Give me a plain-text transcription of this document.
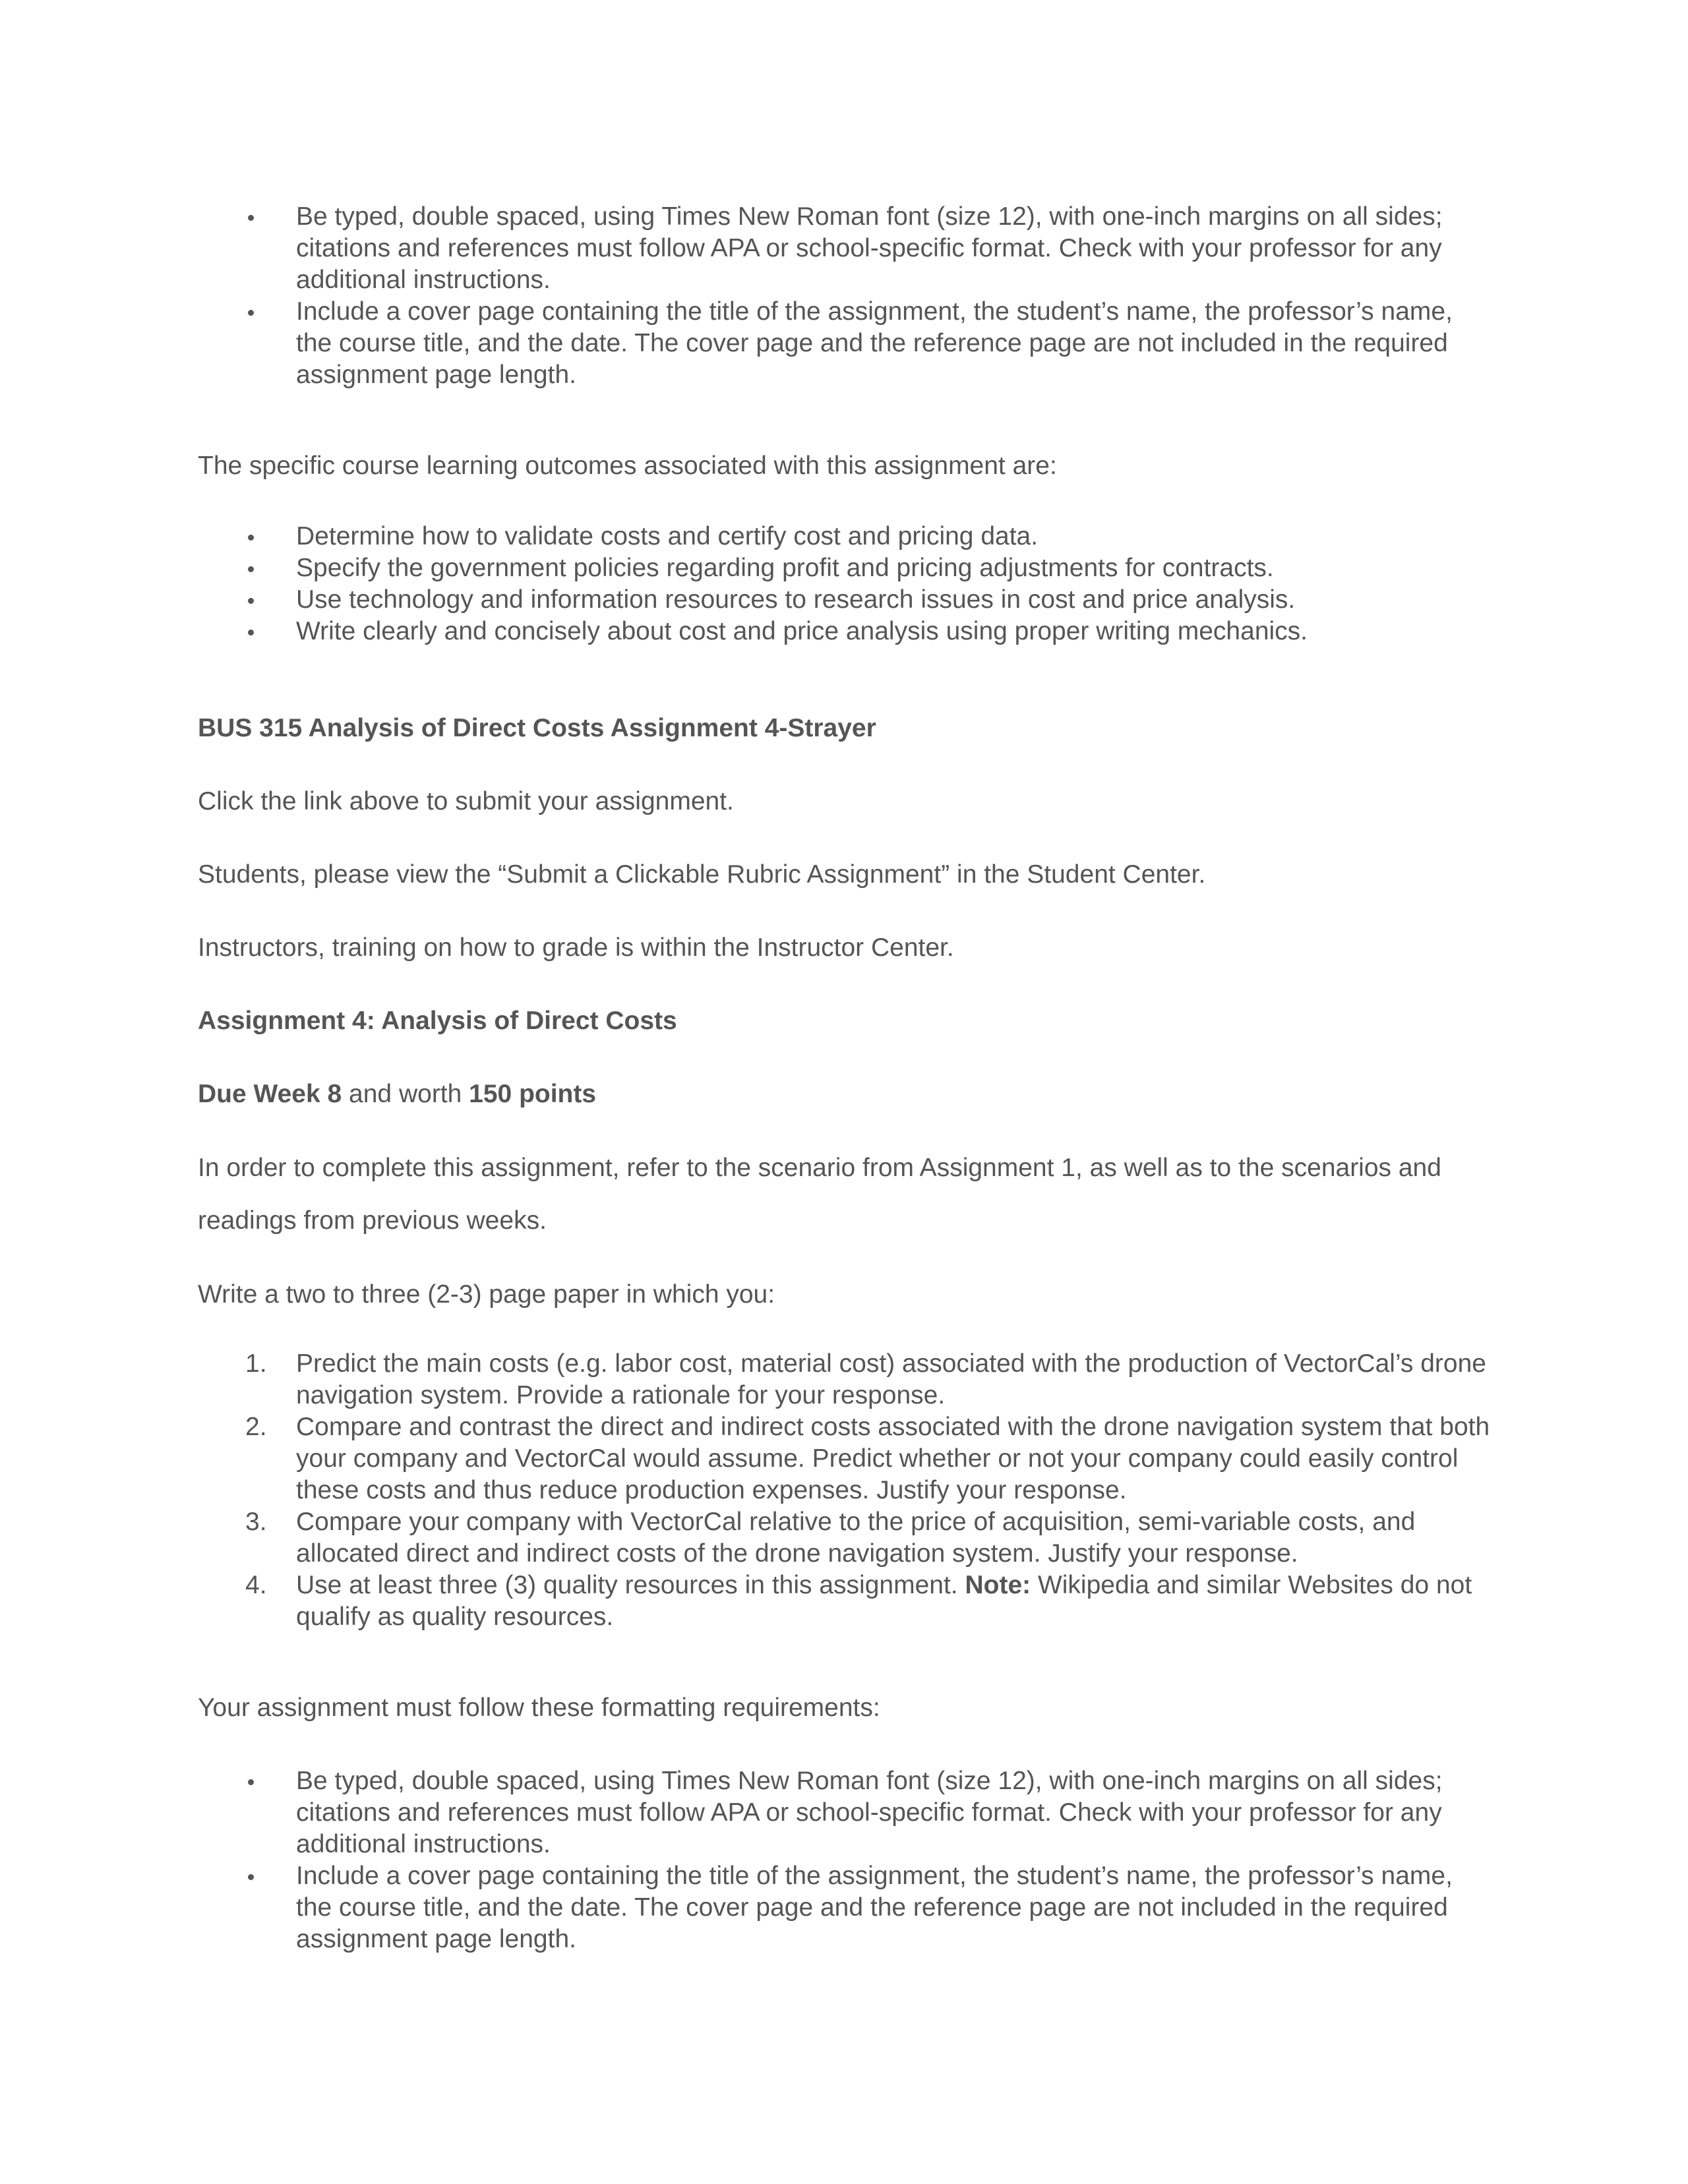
Be typed, double spaced, using Times New Roman font (size 12), with one-inch margins on all sides; citations and references must follow APA or school-specific format. Check with your professor for any additional instructions.
Include a cover page containing the title of the assignment, the student’s name, the professor’s name, the course title, and the date. The cover page and the reference page are not included in the required assignment page length.

The specific course learning outcomes associated with this assignment are:

Determine how to validate costs and certify cost and pricing data.
Specify the government policies regarding profit and pricing adjustments for contracts.
Use technology and information resources to research issues in cost and price analysis.
Write clearly and concisely about cost and price analysis using proper writing mechanics.

BUS 315 Analysis of Direct Costs Assignment 4-Strayer

Click the link above to submit your assignment.

Students, please view the “Submit a Clickable Rubric Assignment” in the Student Center.

Instructors, training on how to grade is within the Instructor Center.

Assignment 4: Analysis of Direct Costs

Due Week 8 and worth 150 points

In order to complete this assignment, refer to the scenario from Assignment 1, as well as to the scenarios and readings from previous weeks.

Write a two to three (2-3) page paper in which you:

1.	Predict the main costs (e.g. labor cost, material cost) associated with the production of VectorCal’s drone navigation system. Provide a rationale for your response.
2.	Compare and contrast the direct and indirect costs associated with the drone navigation system that both your company and VectorCal would assume. Predict whether or not your company could easily control these costs and thus reduce production expenses. Justify your response.
3.	Compare your company with VectorCal relative to the price of acquisition, semi-variable costs, and allocated direct and indirect costs of the drone navigation system. Justify your response.
4.	Use at least three (3) quality resources in this assignment. Note: Wikipedia and similar Websites do not qualify as quality resources.

Your assignment must follow these formatting requirements:

Be typed, double spaced, using Times New Roman font (size 12), with one-inch margins on all sides; citations and references must follow APA or school-specific format. Check with your professor for any additional instructions.
Include a cover page containing the title of the assignment, the student’s name, the professor’s name, the course title, and the date. The cover page and the reference page are not included in the required assignment page length.
